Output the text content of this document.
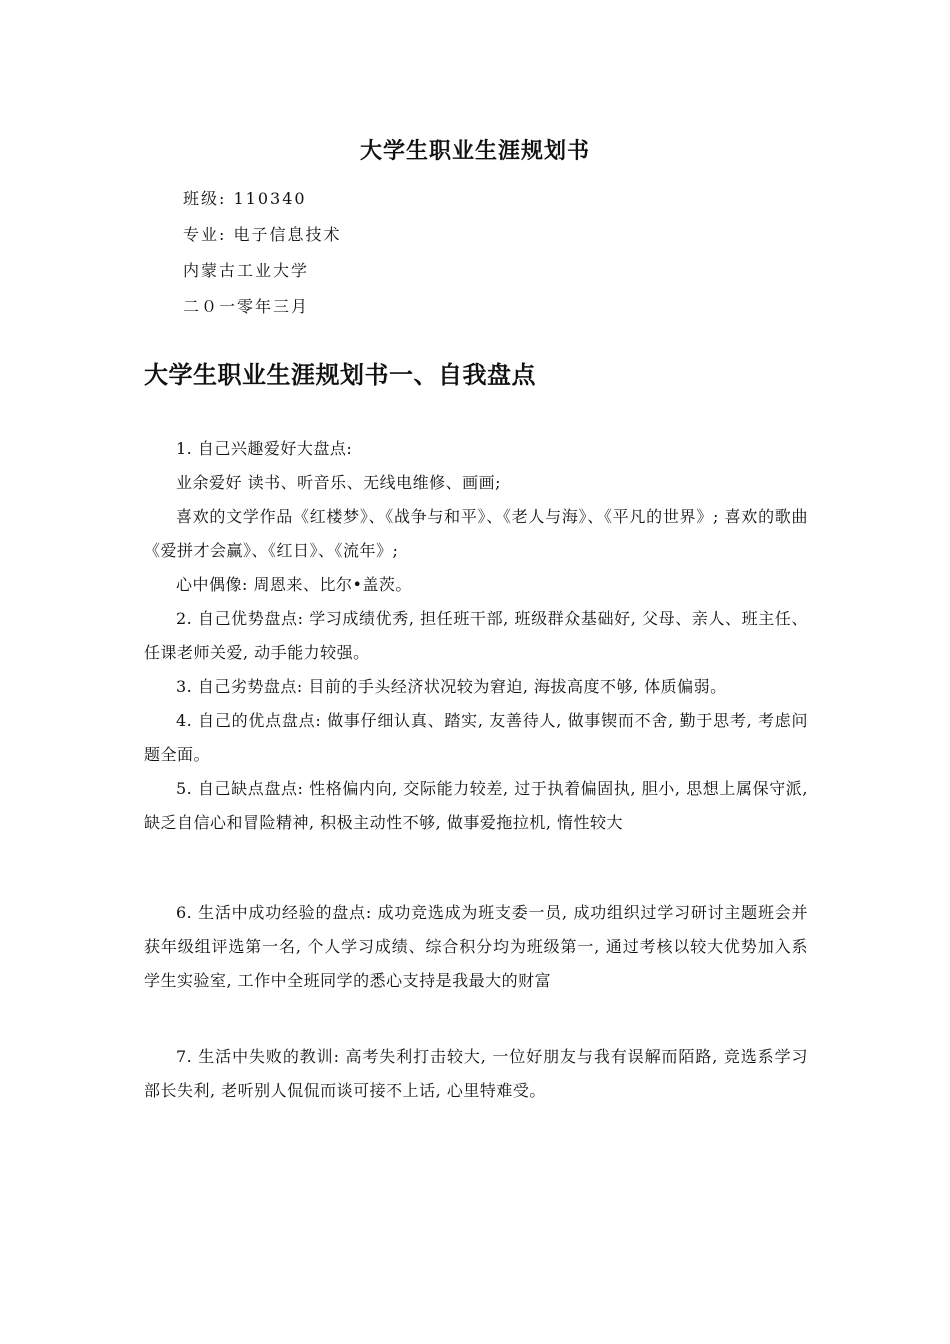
大学生职业生涯规划书
班级: 110340
专业: 电子信息技术
内蒙古工业大学
二０一零年三月
大学生职业生涯规划书一、自我盘点

1. 自己兴趣爱好大盘点:

业余爱好 读书、听音乐、无线电维修、画画;

喜欢的文学作品《红楼梦》、《战争与和平》、《老人与海》、《平凡的世界》; 喜欢的歌曲 《爱拼才会赢》、《红日》、《流年》;

心中偶像: 周恩来、比尔•盖茨。

2. 自己优势盘点: 学习成绩优秀, 担任班干部, 班级群众基础好, 父母、亲人、班主任、任课老师关爱, 动手能力较强。

3. 自己劣势盘点: 目前的手头经济状况较为窘迫, 海拔高度不够, 体质偏弱。

4. 自己的优点盘点: 做事仔细认真、踏实, 友善待人, 做事锲而不舍, 勤于思考, 考虑问题全面。

5. 自己缺点盘点: 性格偏内向, 交际能力较差, 过于执着偏固执, 胆小, 思想上属保守派, 缺乏自信心和冒险精神, 积极主动性不够, 做事爱拖拉机, 惰性较大

6. 生活中成功经验的盘点: 成功竞选成为班支委一员, 成功组织过学习研讨主题班会并获年级组评选第一名, 个人学习成绩、综合积分均为班级第一, 通过考核以较大优势加入系学生实验室, 工作中全班同学的悉心支持是我最大的财富

7. 生活中失败的教训: 高考失利打击较大, 一位好朋友与我有误解而陌路, 竞选系学习部长失利, 老听别人侃侃而谈可接不上话, 心里特难受。
